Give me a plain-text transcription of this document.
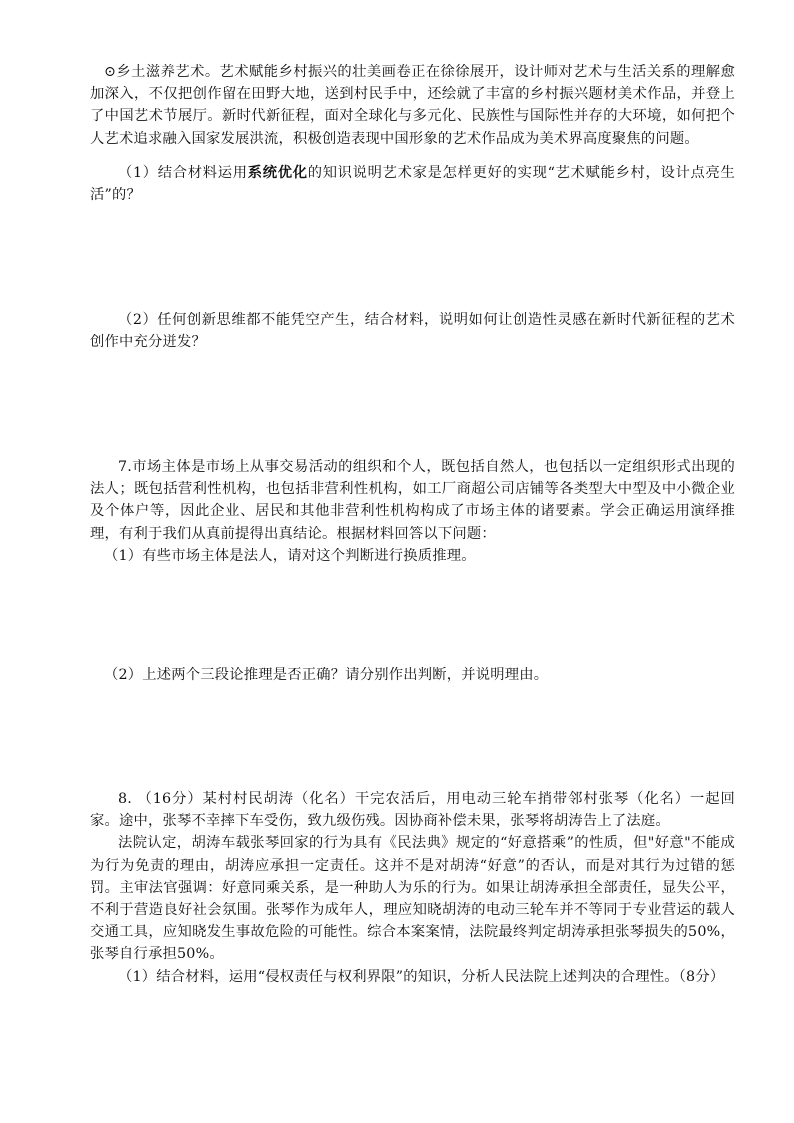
⊙乡土滋养艺术。艺术赋能乡村振兴的壮美画卷正在徐徐展开，设计师对艺术与生活关系的理解愈加深入，不仅把创作留在田野大地，送到村民手中，还绘就了丰富的乡村振兴题材美术作品，并登上了中国艺术节展厅。新时代新征程，面对全球化与多元化、民族性与国际性并存的大环境，如何把个人艺术追求融入国家发展洪流，积极创造表现中国形象的艺术作品成为美术界高度聚焦的问题。
（1）结合材料运用系统优化的知识说明艺术家是怎样更好的实现“艺术赋能乡村，设计点亮生活”的？
（2）任何创新思维都不能凭空产生，结合材料，说明如何让创造性灵感在新时代新征程的艺术创作中充分迸发？
7.市场主体是市场上从事交易活动的组织和个人，既包括自然人，也包括以一定组织形式出现的法人；既包括营利性机构，也包括非营利性机构，如工厂商超公司店铺等各类型大中型及中小微企业及个体户等，因此企业、居民和其他非营利性机构构成了市场主体的诸要素。学会正确运用演绎推理，有利于我们从真前提得出真结论。根据材料回答以下问题：
（1）有些市场主体是法人，请对这个判断进行换质推理。
（2）上述两个三段论推理是否正确？请分别作出判断，并说明理由。
8. （16分）某村村民胡涛（化名）干完农活后，用电动三轮车捎带邻村张琴（化名）一起回家。途中，张琴不幸摔下车受伤，致九级伤残。因协商补偿未果，张琴将胡涛告上了法庭。
法院认定，胡涛车载张琴回家的行为具有《民法典》规定的“好意搭乘”的性质，但"好意"不能成为行为免责的理由，胡涛应承担一定责任。这并不是对胡涛“好意”的否认，而是对其行为过错的惩罚。主审法官强调：好意同乘关系，是一种助人为乐的行为。如果让胡涛承担全部责任，显失公平，不利于营造良好社会氛围。张琴作为成年人，理应知晓胡涛的电动三轮车并不等同于专业营运的载人交通工具，应知晓发生事故危险的可能性。综合本案案情，法院最终判定胡涛承担张琴损失的50%，张琴自行承担50%。
（1）结合材料，运用“侵权责任与权利界限”的知识，分析人民法院上述判决的合理性。（8分）
